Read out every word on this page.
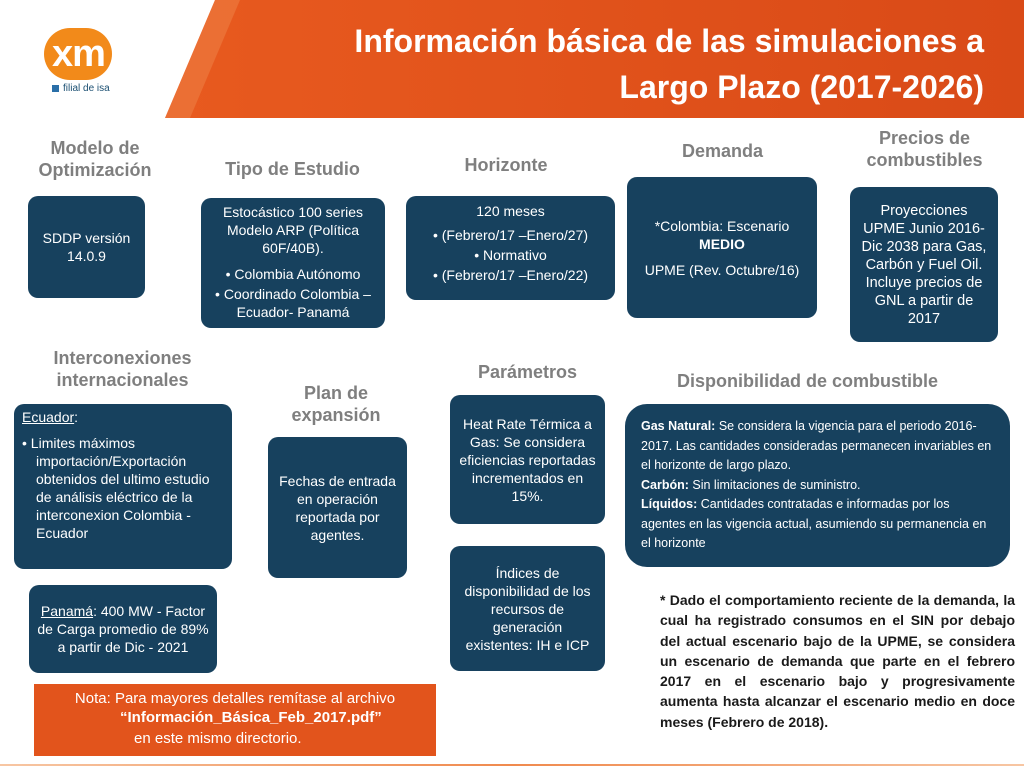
xm
filial de isa
Información básica de las simulaciones a Largo Plazo (2017-2026)
Modelo de Optimización
SDDP versión 14.0.9
Tipo de Estudio
Estocástico 100 series Modelo ARP (Política 60F/40B).
• Colombia Autónomo
• Coordinado Colombia – Ecuador- Panamá
Horizonte
120 meses
• (Febrero/17 –Enero/27)
• Normativo
• (Febrero/17 –Enero/22)
Demanda
*Colombia: Escenario
MEDIO
UPME (Rev. Octubre/16)
Precios de combustibles
Proyecciones UPME Junio 2016-Dic 2038 para Gas, Carbón y Fuel Oil. Incluye precios de GNL a partir de 2017
Interconexiones internacionales
Ecuador:
• Limites máximos importación/Exportación obtenidos del ultimo estudio de análisis eléctrico de la interconexion Colombia - Ecuador
Panamá: 400 MW - Factor de Carga promedio de 89% a partir de Dic - 2021
Plan de expansión
Fechas de entrada en operación reportada por agentes.
Parámetros
Heat Rate Térmica a Gas: Se considera eficiencias reportadas incrementados en 15%.
Índices de disponibilidad de los recursos de generación existentes: IH e ICP
Disponibilidad de combustible
Gas Natural: Se considera la vigencia para el periodo 2016-2017. Las cantidades consideradas permanecen invariables en el horizonte de largo plazo.
Carbón: Sin limitaciones de suministro.
Líquidos: Cantidades contratadas e informadas por los agentes en las vigencia actual, asumiendo su permanencia en el horizonte
Nota: Para mayores detalles remítase al archivo
“Información_Básica_Feb_2017.pdf”
en este mismo directorio.
* Dado el comportamiento reciente de la demanda, la cual ha registrado consumos en el SIN por debajo del actual escenario bajo de la UPME, se considera un escenario de demanda que parte en el febrero 2017 en el escenario bajo y progresivamente aumenta hasta alcanzar el escenario medio en doce meses (Febrero de 2018).
